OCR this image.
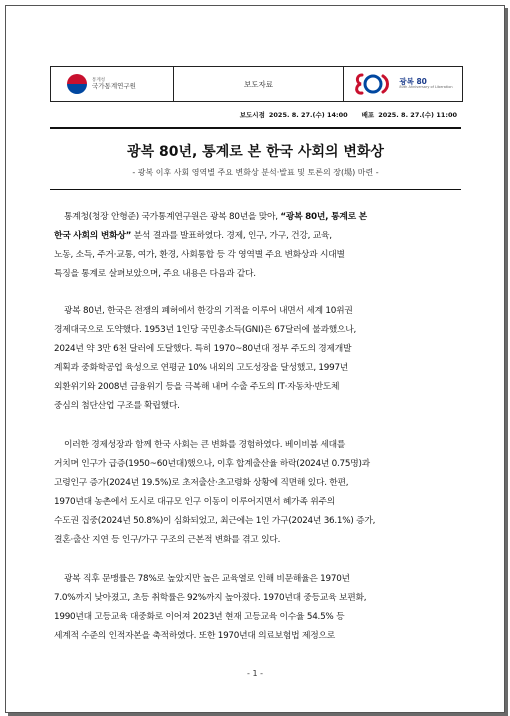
통계청
국가통계연구원	보도자료	광복 80
80th Anniversary of Liberation
보도시점 2025. 8. 27.(수) 14:00 배포 2025. 8. 27.(수) 11:00
광복 80년, 통계로 본 한국 사회의 변화상
- 광복 이후 사회 영역별 주요 변화상 분석·발표 및 토론의 장(場) 마련 -
통계청(청장 안형준) 국가통계연구원은 광복 80년을 맞아, “광복 80년, 통계로 본
한국 사회의 변화상” 분석 결과를 발표하였다. 경제, 인구, 가구, 건강, 교육,
노동, 소득, 주거·교통, 여가, 환경, 사회통합 등 각 영역별 주요 변화상과 시대별
특징을 통계로 살펴보았으며, 주요 내용은 다음과 같다.
광복 80년, 한국은 전쟁의 폐허에서 한강의 기적을 이루어 내면서 세계 10위권
경제대국으로 도약했다. 1953년 1인당 국민총소득(GNI)은 67달러에 불과했으나,
2024년 약 3만 6천 달러에 도달했다. 특히 1970~80년대 정부 주도의 경제개발
계획과 중화학공업 육성으로 연평균 10% 내외의 고도성장을 달성했고, 1997년
외환위기와 2008년 금융위기 등을 극복해 내며 수출 주도의 IT·자동차·반도체
중심의 첨단산업 구조를 확립했다.
이러한 경제성장과 함께 한국 사회는 큰 변화를 경험하였다. 베이비붐 세대를
거치며 인구가 급증(1950~60년대)했으나, 이후 합계출산율 하락(2024년 0.75명)과
고령인구 증가(2024년 19.5%)로 초저출산·초고령화 상황에 직면해 있다. 한편,
1970년대 농촌에서 도시로 대규모 인구 이동이 이루어지면서 혜가족 위주의
수도권 집중(2024년 50.8%)이 심화되었고, 최근에는 1인 가구(2024년 36.1%) 증가,
결혼·출산 지연 등 인구/가구 구조의 근본적 변화를 겪고 있다.
광복 직후 문맹률은 78%로 높았지만 높은 교육열로 인해 비문해율은 1970년
7.0%까지 낮아졌고, 초등 취학률은 92%까지 높아졌다. 1970년대 중등교육 보편화,
1990년대 고등교육 대중화로 이어져 2023년 현재 고등교육 이수율 54.5% 등
세계적 수준의 인적자본을 축적하였다. 또한 1970년대 의료보험법 제정으로
- 1 -
